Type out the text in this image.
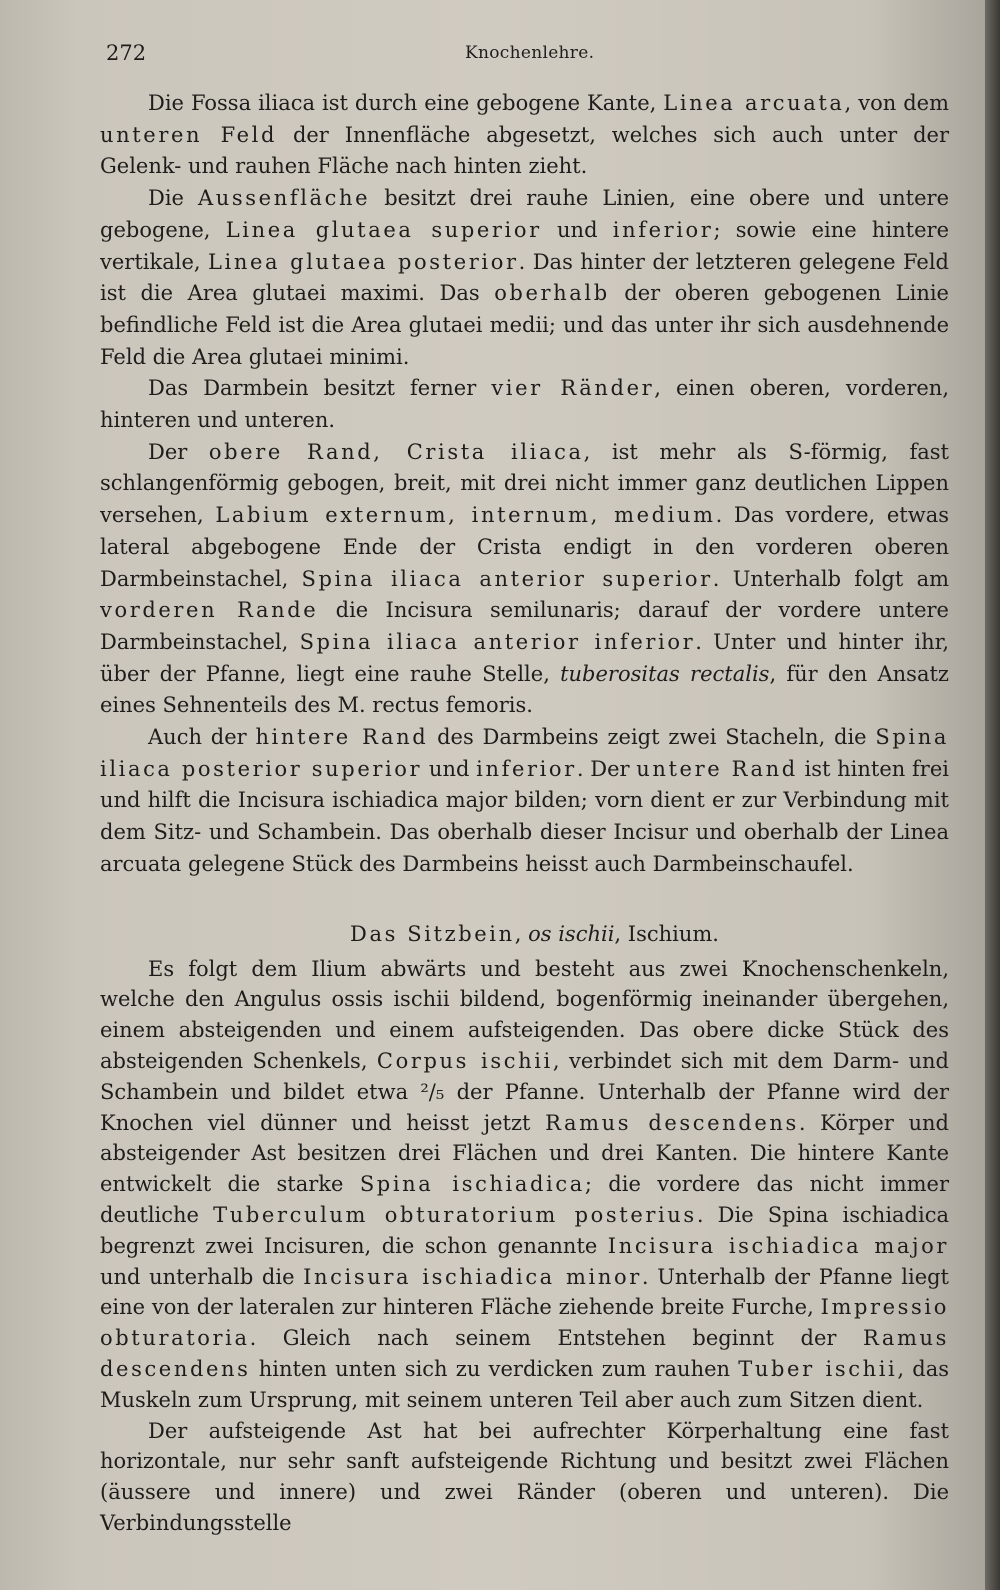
272	Knochenlehre.

Die Fossa iliaca ist durch eine gebogene Kante, Linea arcuata, von dem unteren Feld der Innenfläche abgesetzt, welches sich auch unter der Gelenk- und rauhen Fläche nach hinten zieht.

Die Aussenfläche besitzt drei rauhe Linien, eine obere und untere gebogene, Linea glutaea superior und inferior; sowie eine hintere vertikale, Linea glutaea posterior. Das hinter der letzteren gelegene Feld ist die Area glutaei maximi. Das oberhalb der oberen gebogenen Linie befindliche Feld ist die Area glutaei medii; und das unter ihr sich ausdehnende Feld die Area glutaei minimi.

Das Darmbein besitzt ferner vier Ränder, einen oberen, vorderen, hinteren und unteren.

Der obere Rand, Crista iliaca, ist mehr als S-förmig, fast schlangenförmig gebogen, breit, mit drei nicht immer ganz deutlichen Lippen versehen, Labium externum, internum, medium. Das vordere, etwas lateral abgebogene Ende der Crista endigt in den vorderen oberen Darmbeinstachel, Spina iliaca anterior superior. Unterhalb folgt am vorderen Rande die Incisura semilunaris; darauf der vordere untere Darmbeinstachel, Spina iliaca anterior inferior. Unter und hinter ihr, über der Pfanne, liegt eine rauhe Stelle, tuberositas rectalis, für den Ansatz eines Sehnenteils des M. rectus femoris.

Auch der hintere Rand des Darmbeins zeigt zwei Stacheln, die Spina iliaca posterior superior und inferior. Der untere Rand ist hinten frei und hilft die Incisura ischiadica major bilden; vorn dient er zur Verbindung mit dem Sitz- und Schambein. Das oberhalb dieser Incisur und oberhalb der Linea arcuata gelegene Stück des Darmbeins heisst auch Darmbeinschaufel.

Das Sitzbein, os ischii, Ischium.

Es folgt dem Ilium abwärts und besteht aus zwei Knochenschenkeln, welche den Angulus ossis ischii bildend, bogenförmig ineinander übergehen, einem absteigenden und einem aufsteigenden. Das obere dicke Stück des absteigenden Schenkels, Corpus ischii, verbindet sich mit dem Darm- und Schambein und bildet etwa ²/₅ der Pfanne. Unterhalb der Pfanne wird der Knochen viel dünner und heisst jetzt Ramus descendens. Körper und absteigender Ast besitzen drei Flächen und drei Kanten. Die hintere Kante entwickelt die starke Spina ischiadica; die vordere das nicht immer deutliche Tuberculum obturatorium posterius. Die Spina ischiadica begrenzt zwei Incisuren, die schon genannte Incisura ischiadica major und unterhalb die Incisura ischiadica minor. Unterhalb der Pfanne liegt eine von der lateralen zur hinteren Fläche ziehende breite Furche, Impressio obturatoria. Gleich nach seinem Entstehen beginnt der Ramus descendens hinten unten sich zu verdicken zum rauhen Tuber ischii, das Muskeln zum Ursprung, mit seinem unteren Teil aber auch zum Sitzen dient.

Der aufsteigende Ast hat bei aufrechter Körperhaltung eine fast horizontale, nur sehr sanft aufsteigende Richtung und besitzt zwei Flächen (äussere und innere) und zwei Ränder (oberen und unteren). Die Verbindungsstelle
